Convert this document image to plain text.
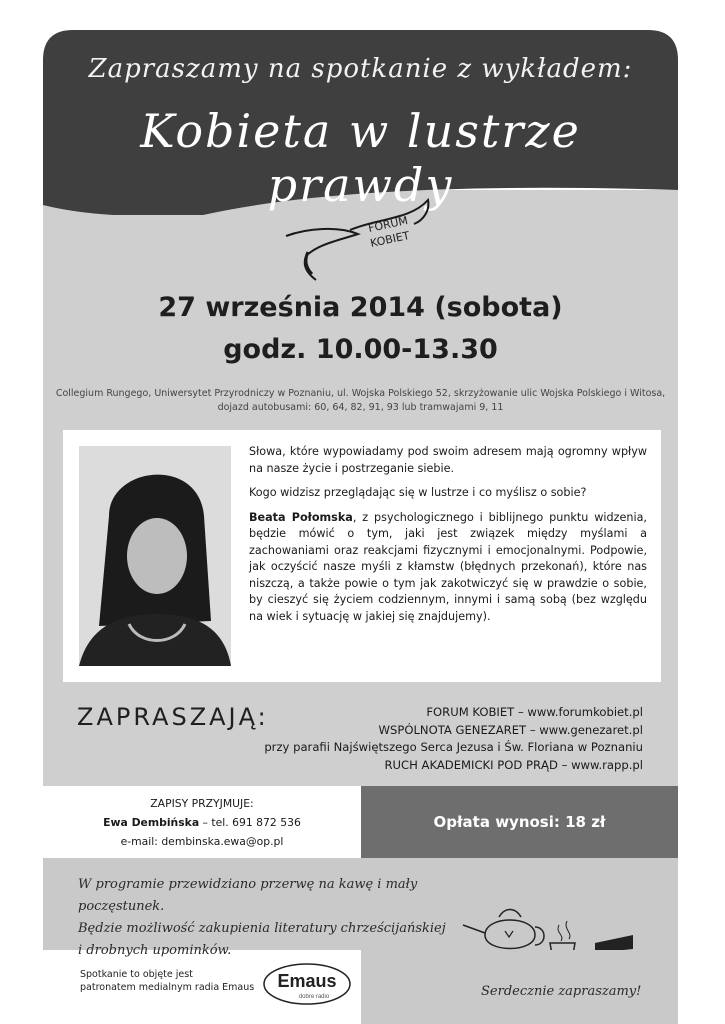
Zapraszamy na spotkanie z wykładem:
Kobieta w lustrze prawdy
FORUM
KOBIET
27 września 2014 (sobota)
godz. 10.00-13.30
Collegium Rungego, Uniwersytet Przyrodniczy w Poznaniu, ul. Wojska Polskiego 52, skrzyżowanie ulic Wojska Polskiego i Witosa,
dojazd autobusami: 60, 64, 82, 91, 93 lub tramwajami 9, 11

Słowa, które wypowiadamy pod swoim adresem mają ogromny wpływ na nasze życie i postrzeganie siebie.

Kogo widzisz przeglądając się w lustrze i co myślisz o sobie?

Beata Połomska, z psychologicznego i biblijnego punktu widzenia, będzie mówić o tym, jaki jest związek między myślami a zachowaniami oraz reakcjami fizycznymi i emocjonalnymi. Podpowie, jak oczyścić nasze myśli z kłamstw (błędnych przekonań), które nas niszczą, a także powie o tym jak zakotwiczyć się w prawdzie o sobie, by cieszyć się życiem codziennym, innymi i samą sobą (bez względu na wiek i sytuację w jakiej się znajdujemy).

ZAPRASZAJĄ:	FORUM KOBIET – www.forumkobiet.pl
WSPÓLNOTA GENEZARET – www.genezaret.pl
przy parafii Najświętszego Serca Jezusa i Św. Floriana w Poznaniu
RUCH AKADEMICKI POD PRĄD – www.rapp.pl
ZAPISY PRZYJMUJE:
Ewa Dembińska – tel. 691 872 536
e-mail: dembinska.ewa@op.pl
Opłata wynosi: 18 zł
W programie przewidziano przerwę na kawę i mały poczęstunek.
Będzie możliwość zakupienia literatury chrześcijańskiej
i drobnych upominków.
Spotkanie to objęte jest
patronatem medialnym radia Emaus Emaus
dobre radio	Serdecznie zapraszamy!
